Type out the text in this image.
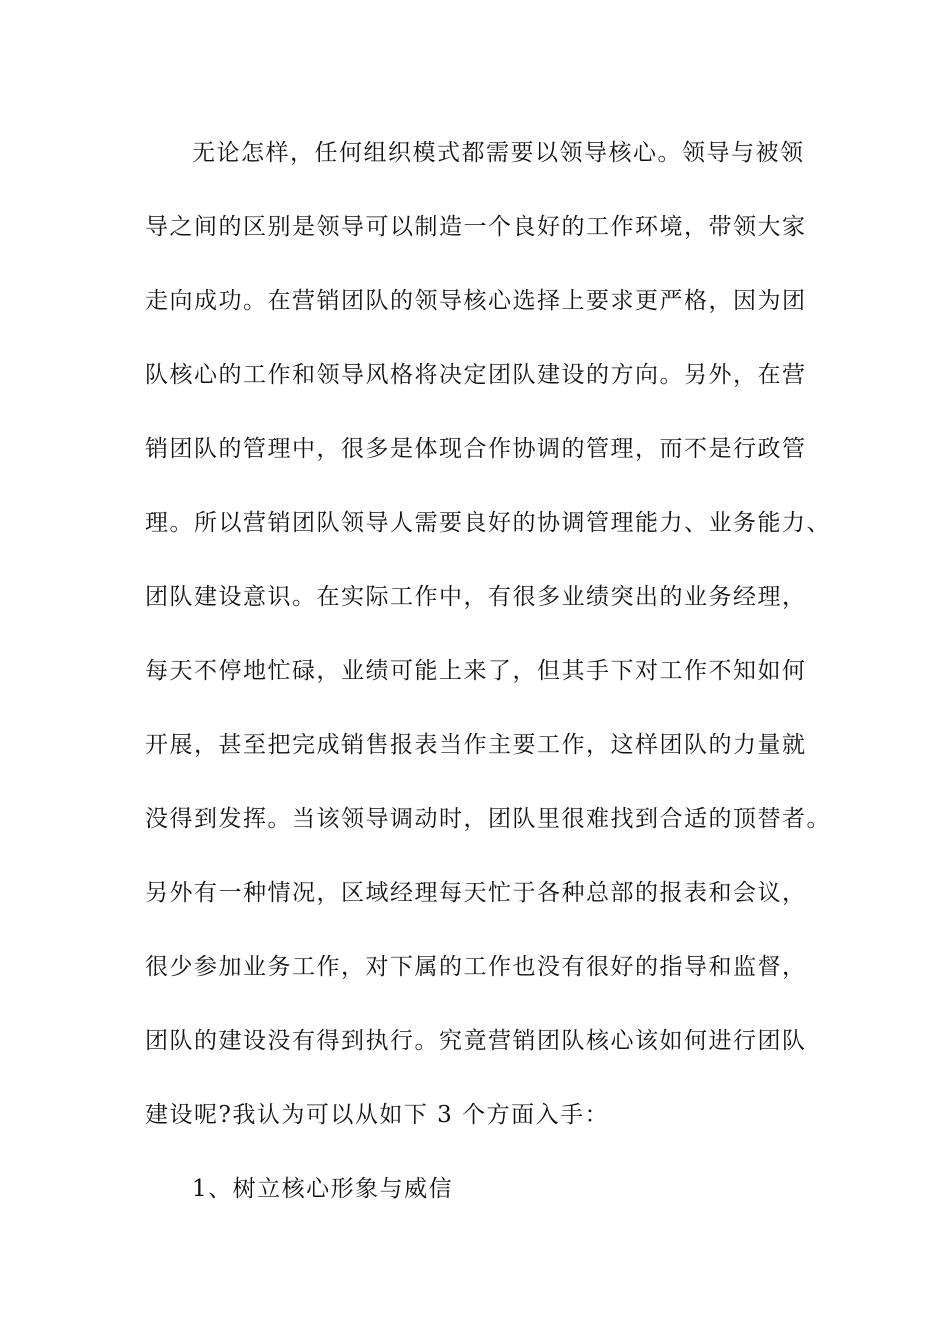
无论怎样，任何组织模式都需要以领导核心。领导与被领

导之间的区别是领导可以制造一个良好的工作环境，带领大家

走向成功。在营销团队的领导核心选择上要求更严格，因为团

队核心的工作和领导风格将决定团队建设的方向。另外，在营

销团队的管理中，很多是体现合作协调的管理，而不是行政管

理。所以营销团队领导人需要良好的协调管理能力、业务能力、

团队建设意识。在实际工作中，有很多业绩突出的业务经理，

每天不停地忙碌，业绩可能上来了，但其手下对工作不知如何

开展，甚至把完成销售报表当作主要工作，这样团队的力量就

没得到发挥。当该领导调动时，团队里很难找到合适的顶替者。

另外有一种情况，区域经理每天忙于各种总部的报表和会议，

很少参加业务工作，对下属的工作也没有很好的指导和监督，

团队的建设没有得到执行。究竟营销团队核心该如何进行团队

建设呢?我认为可以从如下 3 个方面入手：

1、树立核心形象与威信
